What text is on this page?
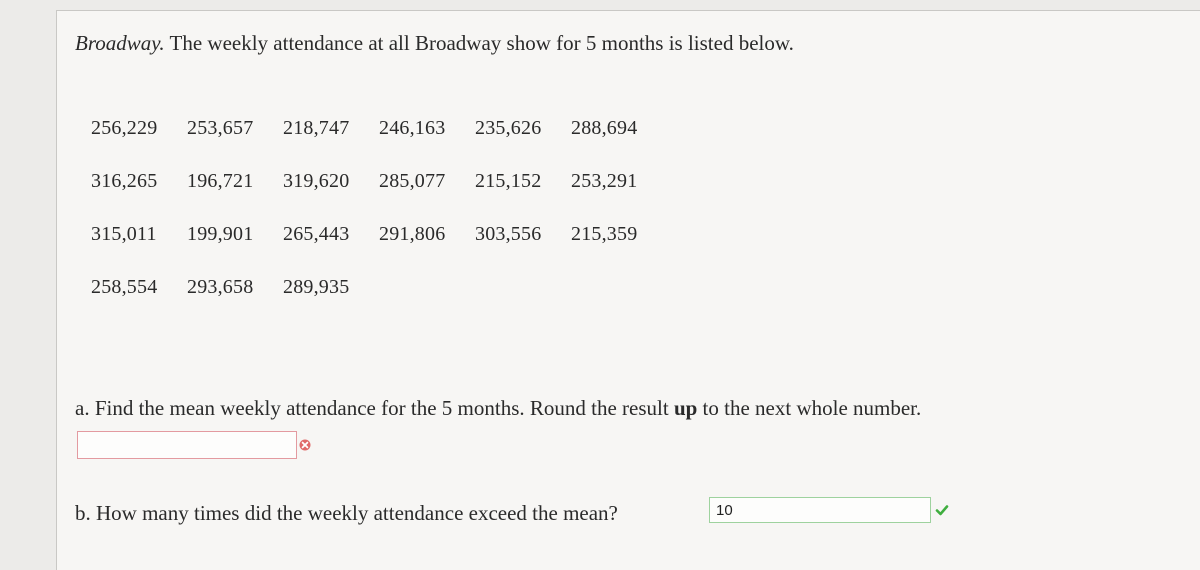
Broadway. The weekly attendance at all Broadway show for 5 months is listed below.
256,229 253,657 218,747 246,163 235,626 288,694
316,265 196,721 319,620 285,077 215,152 253,291
315,011 199,901 265,443 291,806 303,556 215,359
258,554 293,658 289,935
a. Find the mean weekly attendance for the 5 months. Round the result up to the next whole number.
b. How many times did the weekly attendance exceed the mean?
10
